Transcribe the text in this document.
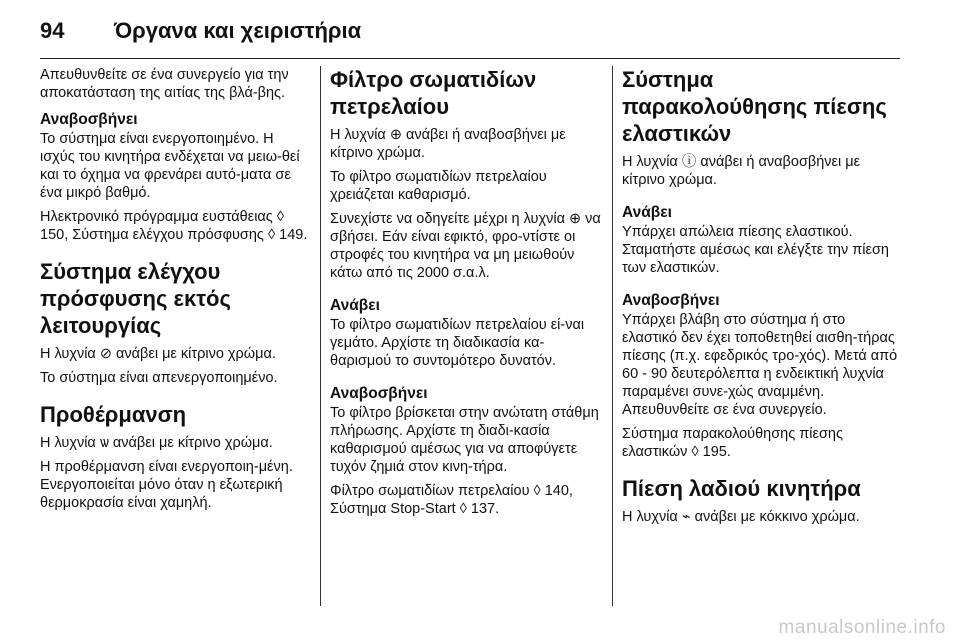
94	Όργανα και χειριστήρια

Απευθυνθείτε σε ένα συνεργείο για την αποκατάσταση της αιτίας της βλά-βης.

Αναβοσβήνει

Το σύστημα είναι ενεργοποιημένο. Η ισχύς του κινητήρα ενδέχεται να μειω-θεί και το όχημα να φρενάρει αυτό-ματα σε ένα μικρό βαθμό.

Ηλεκτρονικό πρόγραμμα ευστάθειας ◊ 150, Σύστημα ελέγχου πρόσφυσης ◊ 149.

Σύστημα ελέγχου πρόσφυσης εκτός λειτουργίας

Η λυχνία ⊘ ανάβει με κίτρινο χρώμα.

Το σύστημα είναι απενεργοποιημένο.

Προθέρμανση

Η λυχνία ѡ ανάβει με κίτρινο χρώμα.

Η προθέρμανση είναι ενεργοποιη-μένη. Ενεργοποιείται μόνο όταν η εξωτερική θερμοκρασία είναι χαμηλή.

Φίλτρο σωματιδίων πετρελαίου

Η λυχνία ⊕ ανάβει ή αναβοσβήνει με κίτρινο χρώμα.

Το φίλτρο σωματιδίων πετρελαίου χρειάζεται καθαρισμό.

Συνεχίστε να οδηγείτε μέχρι η λυχνία ⊕ να σβήσει. Εάν είναι εφικτό, φρο-ντίστε οι στροφές του κινητήρα να μη μειωθούν κάτω από τις 2000 σ.α.λ.

Ανάβει

Το φίλτρο σωματιδίων πετρελαίου εί-ναι γεμάτο. Αρχίστε τη διαδικασία κα-θαρισμού το συντομότερο δυνατόν.

Αναβοσβήνει

Το φίλτρο βρίσκεται στην ανώτατη στάθμη πλήρωσης. Αρχίστε τη διαδι-κασία καθαρισμού αμέσως για να αποφύγετε τυχόν ζημιά στον κινη-τήρα.

Φίλτρο σωματιδίων πετρελαίου ◊ 140, Σύστημα Stop-Start ◊ 137.

Σύστημα παρακολούθησης πίεσης ελαστικών

Η λυχνία ⓘ ανάβει ή αναβοσβήνει με κίτρινο χρώμα.

Ανάβει

Υπάρχει απώλεια πίεσης ελαστικού. Σταματήστε αμέσως και ελέγξτε την πίεση των ελαστικών.

Αναβοσβήνει

Υπάρχει βλάβη στο σύστημα ή στο ελαστικό δεν έχει τοποθετηθεί αισθη-τήρας πίεσης (π.χ. εφεδρικός τρο-χός). Μετά από 60 - 90 δευτερόλεπτα η ενδεικτική λυχνία παραμένει συνε-χώς αναμμένη. Απευθυνθείτε σε ένα συνεργείο.

Σύστημα παρακολούθησης πίεσης ελαστικών ◊ 195.

Πίεση λαδιού κινητήρα

Η λυχνία ⌁ ανάβει με κόκκινο χρώμα.

manualsonline.info
